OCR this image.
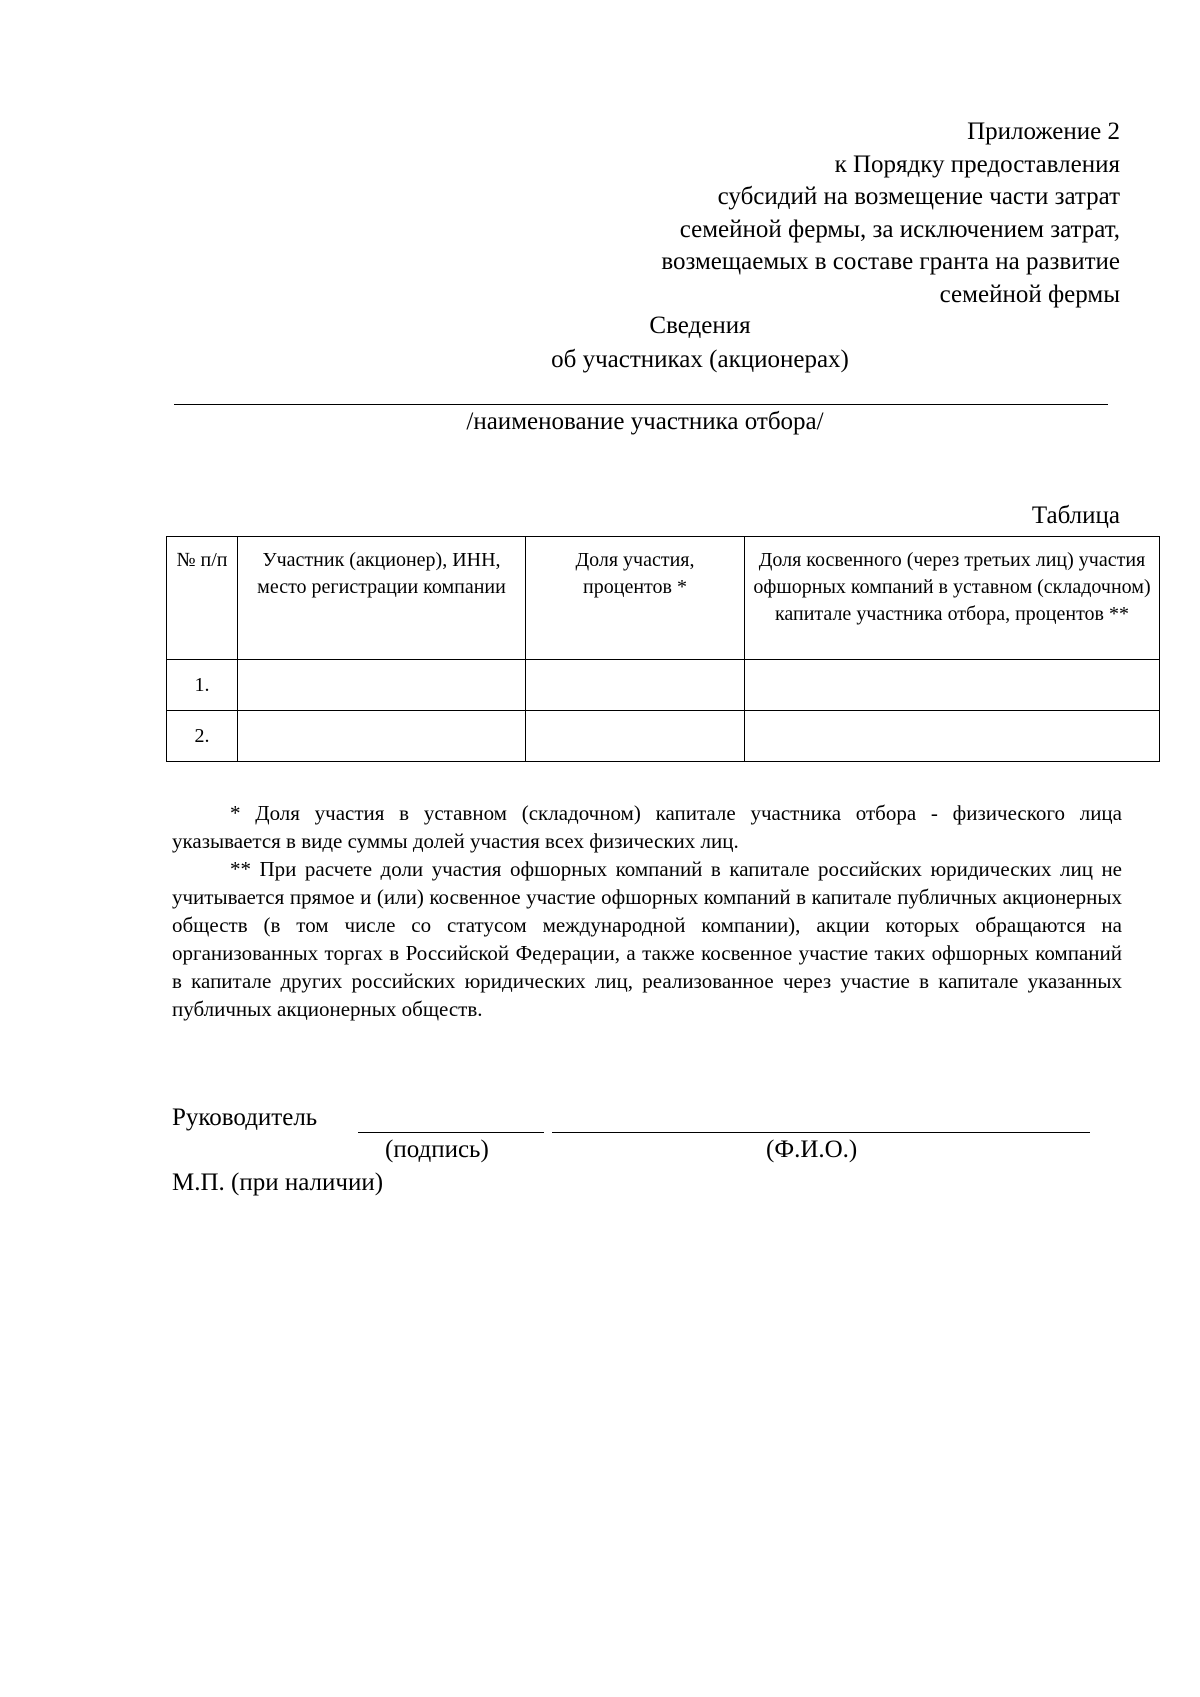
Приложение 2
к Порядку предоставления
субсидий на возмещение части затрат
семейной фермы, за исключением затрат,
возмещаемых в составе гранта на развитие
семейной фермы
Сведения
об участниках (акционерах)
/наименование участника отбора/
Таблица
№ п/п	Участник (акционер), ИНН, место регистрации компании	Доля участия, процентов *	Доля косвенного (через третьих лиц) участия офшорных компаний в уставном (складочном) капитале участника отбора, процентов **
1.			
2.			

* Доля участия в уставном (складочном) капитале участника отбора - физического лица указывается в виде суммы долей участия всех физических лиц.

** При расчете доли участия офшорных компаний в капитале российских юридических лиц не учитывается прямое и (или) косвенное участие офшорных компаний в капитале публичных акционерных обществ (в том числе со статусом международной компании), акции которых обращаются на организованных торгах в Российской Федерации, а также косвенное участие таких офшорных компаний в капитале других российских юридических лиц, реализованное через участие в капитале указанных публичных акционерных обществ.

Руководитель
(подпись)	(Ф.И.О.)
М.П. (при наличии)
